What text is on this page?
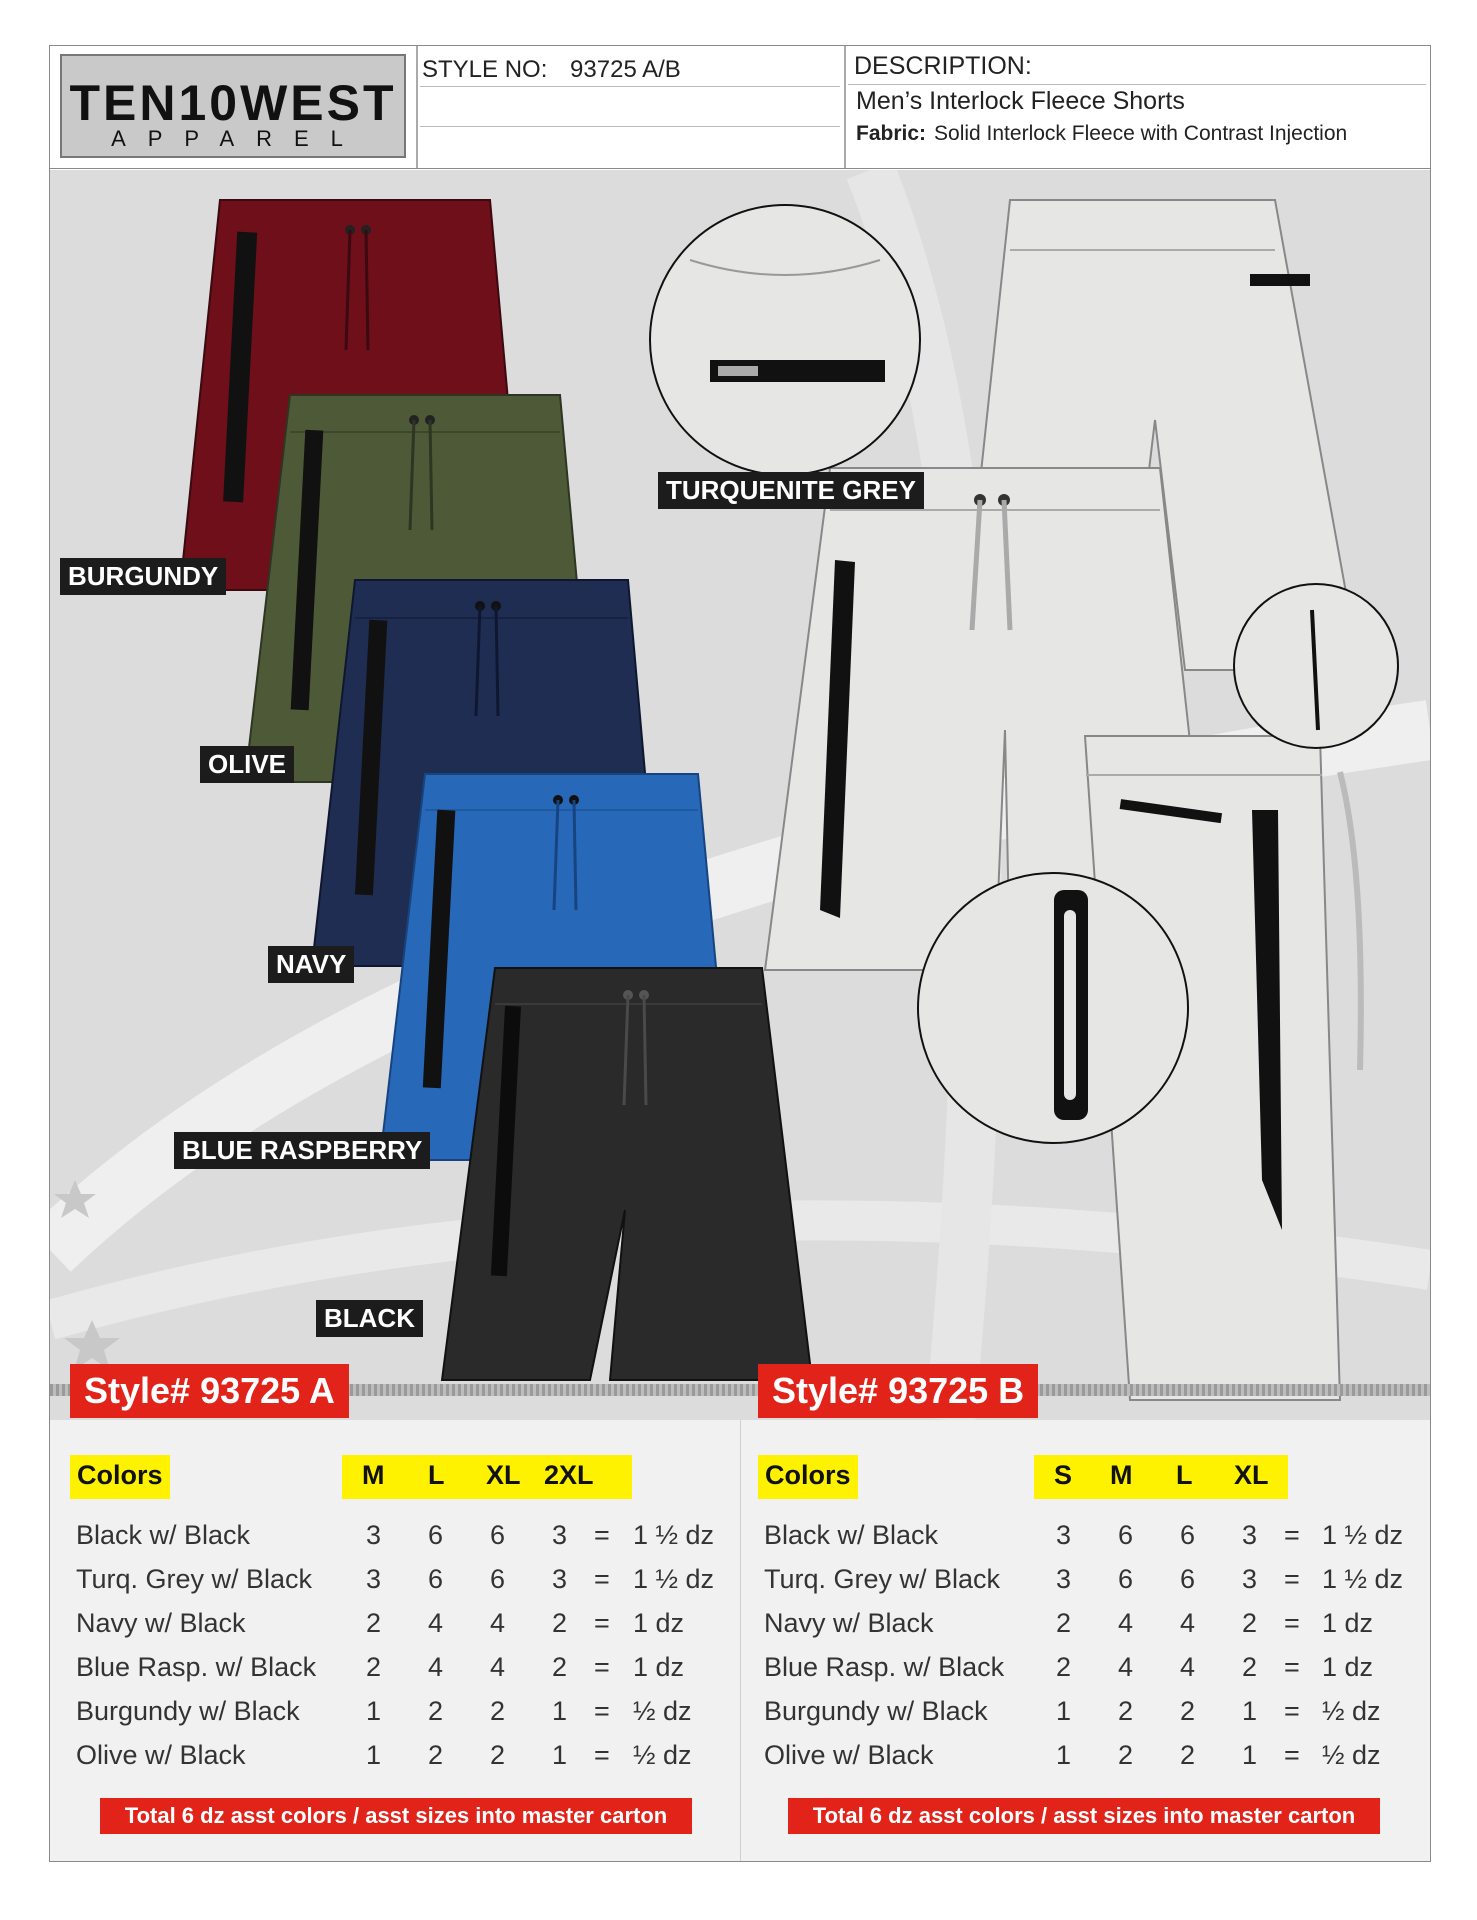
TEN10WEST
APPAREL
STYLE NO: 93725 A/B	DESCRIPTION:
Men’s Interlock Fleece Shorts
Fabric: Solid Interlock Fleece with Contrast Injection
BURGUNDY
OLIVE
NAVY
BLUE RASPBERRY
BLACK
TURQUENITE GREY
Style# 93725 A
Colors	M L XL 2XL
Black w/ Black	3 6 6 3 = 1 ½ dz
Turq. Grey w/ Black 3 6 6 3 = 1 ½ dz
Navy w/ Black	2 4 4 2 = 1 dz
Blue Rasp. w/ Black 2 4 4 2 = 1 dz
Burgundy w/ Black 1 2 2 1 = ½ dz
Olive w/ Black	1 2 2 1 = ½ dz
Total 6 dz asst colors / asst sizes into master carton
Style# 93725 B
Colors	S M L XL
Black w/ Black	3 6 6 3 = 1 ½ dz
Turq. Grey w/ Black 3 6 6 3 = 1 ½ dz
Navy w/ Black	2 4 4 2 = 1 dz
Blue Rasp. w/ Black 2 4 4 2 = 1 dz
Burgundy w/ Black	1 2 2 1 = ½ dz
Olive w/ Black	1 2 2 1 = ½ dz
Total 6 dz asst colors / asst sizes into master carton
